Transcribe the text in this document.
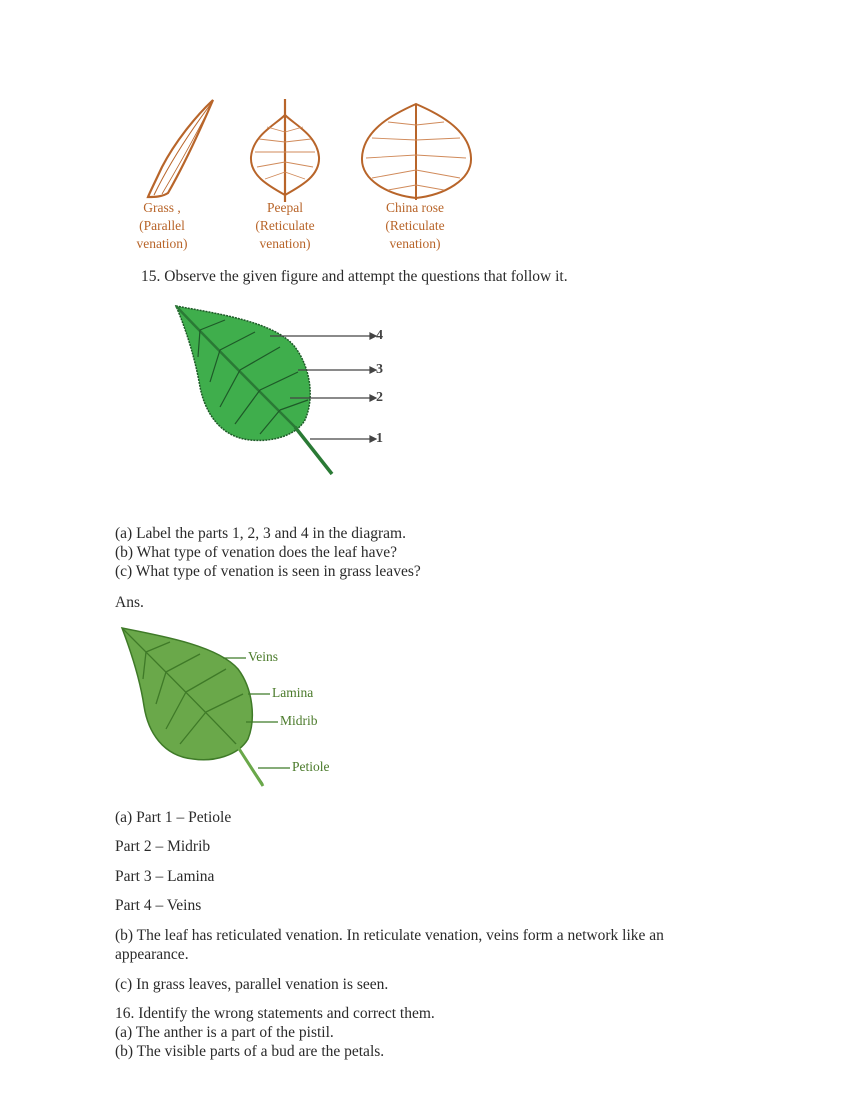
Grass ,
(Parallel
venation)
Peepal
(Reticulate
venation)
China rose
(Reticulate
venation)
15. Observe the given figure and attempt the questions that follow it.
4
3
2
1
(a) Label the parts 1, 2, 3 and 4 in the diagram.
(b) What type of venation does the leaf have?
(c) What type of venation is seen in grass leaves?
Ans.
Veins
Lamina
Midrib
Petiole
(a) Part 1 – Petiole
Part 2 – Midrib
Part 3 – Lamina
Part 4 – Veins
(b) The leaf has reticulated venation. In reticulate venation, veins form a network like an
appearance.
(c) In grass leaves, parallel venation is seen.
16. Identify the wrong statements and correct them.
(a) The anther is a part of the pistil.
(b) The visible parts of a bud are the petals.
